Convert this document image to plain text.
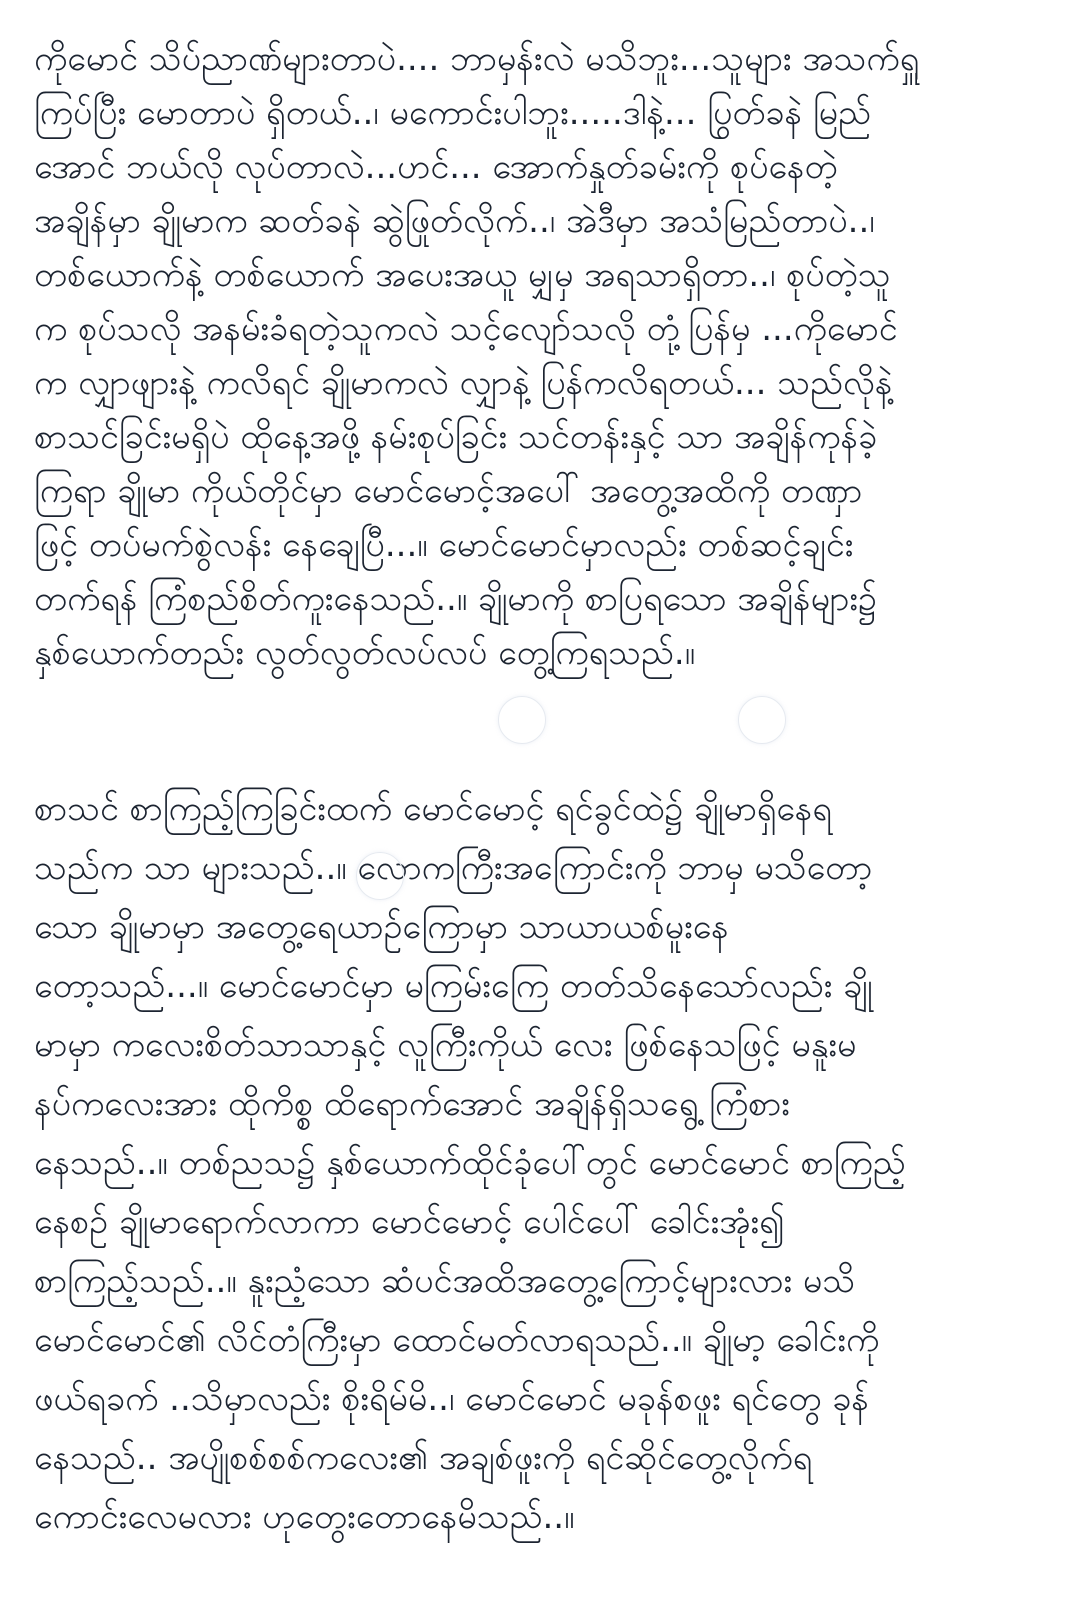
ကိုမောင် သိပ်ညာဏ်များတာပဲ.... ဘာမှန်းလဲ မသိဘူး...သူများ အသက်ရှူ
ကြပ်ပြီး မောတာပဲ ရှိတယ်..၊ မကောင်းပါဘူး.....ဒါနဲ့... ပြွတ်ခနဲ မြည်
အောင် ဘယ်လို လုပ်တာလဲ...ဟင်... အောက်နှုတ်ခမ်းကို စုပ်နေတဲ့
အချိန်မှာ ချိုမာက ဆတ်ခနဲ ဆွဲဖြုတ်လိုက်..၊ အဲဒီမှာ အသံမြည်တာပဲ..၊
တစ်ယောက်နဲ့ တစ်ယောက် အပေးအယူ မျှမှ အရသာရှိတာ..၊ စုပ်တဲ့သူ
က စုပ်သလို အနမ်းခံရတဲ့သူကလဲ သင့်လျော်သလို တုံ့ပြန်မှ ...ကိုမောင်
က လျှာဖျားနဲ့ ကလိရင် ချိုမာကလဲ လျှာနဲ့ ပြန်ကလိရတယ်... သည်လိုနဲ့
စာသင်ခြင်းမရှိပဲ ထိုနေ့အဖို့ နမ်းစုပ်ခြင်း သင်တန်းနှင့် သာ အချိန်ကုန်ခဲ့
ကြရာ ချိုမာ ကိုယ်တိုင်မှာ မောင်မောင့်အပေါ် အတွေ့အထိကို တဏှာ
ဖြင့် တပ်မက်စွဲလန်း နေချေပြီ...။ မောင်မောင်မှာလည်း တစ်ဆင့်ချင်း
တက်ရန် ကြံစည်စိတ်ကူးနေသည်..။ ချိုမာကို စာပြရသော အချိန်များ၌
နှစ်ယောက်တည်း လွတ်လွတ်လပ်လပ် တွေ့ကြရသည်.။
စာသင် စာကြည့်ကြခြင်းထက် မောင်မောင့် ရင်ခွင်ထဲ၌ ချိုမာရှိနေရ
သည်က သာ များသည်..။ လောကကြီးအကြောင်းကို ဘာမှ မသိတော့
သော ချိုမာမှာ အတွေ့ရေယာဉ်ကြောမှာ သာယာယစ်မူးနေ
တော့သည်...။ မောင်မောင်မှာ မကြမ်းကြေ တတ်သိနေသော်လည်း ချို
မာမှာ ကလေးစိတ်သာသာနှင့် လူကြီးကိုယ် လေး ဖြစ်နေသဖြင့် မနူးမ
နပ်ကလေးအား ထိုကိစ္စ ထိရောက်အောင် အချိန်ရှိသရွေ့ ကြံစား
နေသည်..။ တစ်ညသ၌ နှစ်ယောက်ထိုင်ခုံပေါ်တွင် မောင်မောင် စာကြည့်
နေစဉ် ချိုမာရောက်လာကာ မောင်မောင့် ပေါင်ပေါ် ခေါင်းအုံး၍
စာကြည့်သည်..။ နူးညံ့သော ဆံပင်အထိအတွေ့ကြောင့်များလား မသိ
မောင်မောင်၏ လိင်တံကြီးမှာ ထောင်မတ်လာရသည်..။ ချိုမာ့ ခေါင်းကို
ဖယ်ရခက် ..သိမှာလည်း စိုးရိမ်မိ..၊ မောင်မောင် မခုန်စဖူး ရင်တွေ ခုန်
နေသည်.. အပျိုစစ်စစ်ကလေး၏ အချစ်ဖူးကို ရင်ဆိုင်တွေ့လိုက်ရ
ကောင်းလေမလား ဟုတွေးတောနေမိသည်..။
